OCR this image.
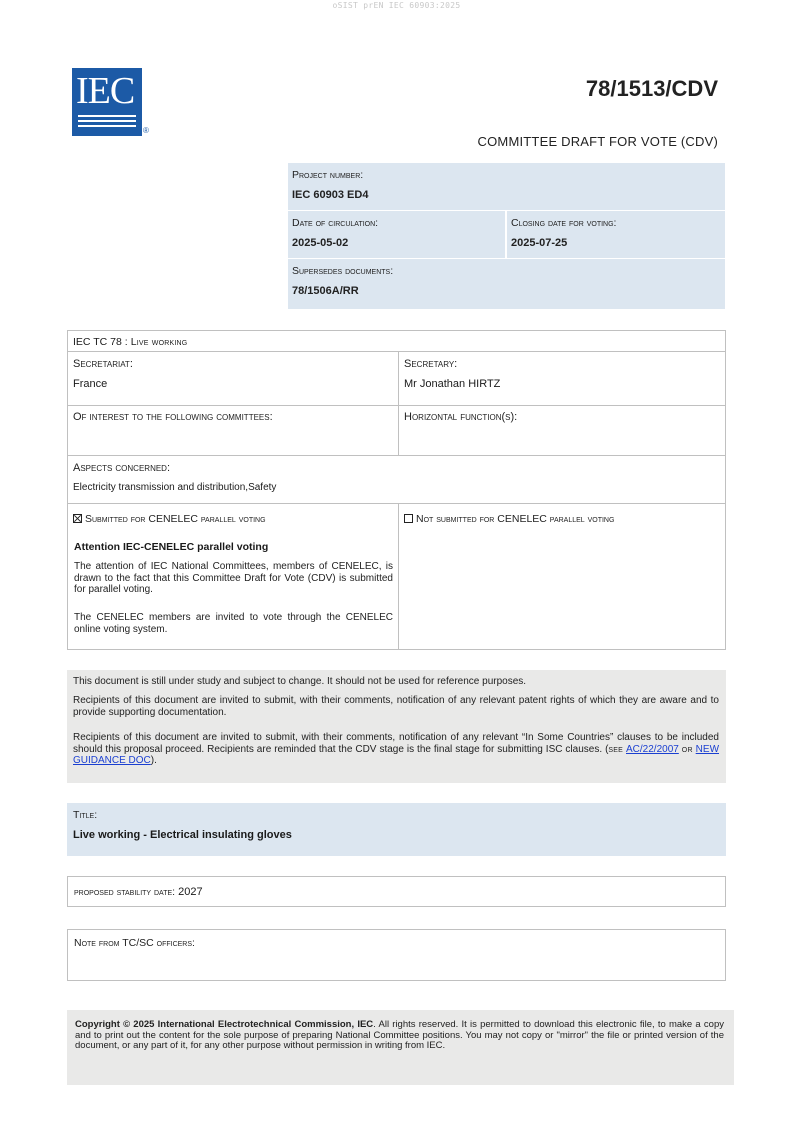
oSIST prEN IEC 60903:2025
IEC
®
78/1513/CDV
COMMITTEE DRAFT FOR VOTE (CDV)
Project number:
IEC 60903 ED4
Date of circulation:
2025-05-02
Closing date for voting:
2025-07-25
Supersedes documents:
78/1506A/RR
IEC TC 78 : Live working
Secretariat:
France
Secretary:
Mr Jonathan HIRTZ
Of interest to the following committees:	Horizontal function(s):
Aspects concerned:
Electricity transmission and distribution,Safety
Submitted for CENELEC parallel voting	Not submitted for CENELEC parallel voting
Attention IEC-CENELEC parallel voting
The attention of IEC National Committees, members of CENELEC, is drawn to the fact that this Committee Draft for Vote (CDV) is submitted for parallel voting.
The CENELEC members are invited to vote through the CENELEC online voting system.
This document is still under study and subject to change. It should not be used for reference purposes.
Recipients of this document are invited to submit, with their comments, notification of any relevant patent rights of which they are aware and to provide supporting documentation.
Recipients of this document are invited to submit, with their comments, notification of any relevant “In Some Countries” clauses to be included should this proposal proceed. Recipients are reminded that the CDV stage is the final stage for submitting ISC clauses. (see AC/22/2007 or NEW GUIDANCE DOC).
Title:
Live working - Electrical insulating gloves
proposed stability date: 2027
Note from TC/SC officers:
Copyright © 2025 International Electrotechnical Commission, IEC. All rights reserved. It is permitted to download this electronic file, to make a copy and to print out the content for the sole purpose of preparing National Committee positions. You may not copy or "mirror" the file or printed version of the document, or any part of it, for any other purpose without permission in writing from IEC.
